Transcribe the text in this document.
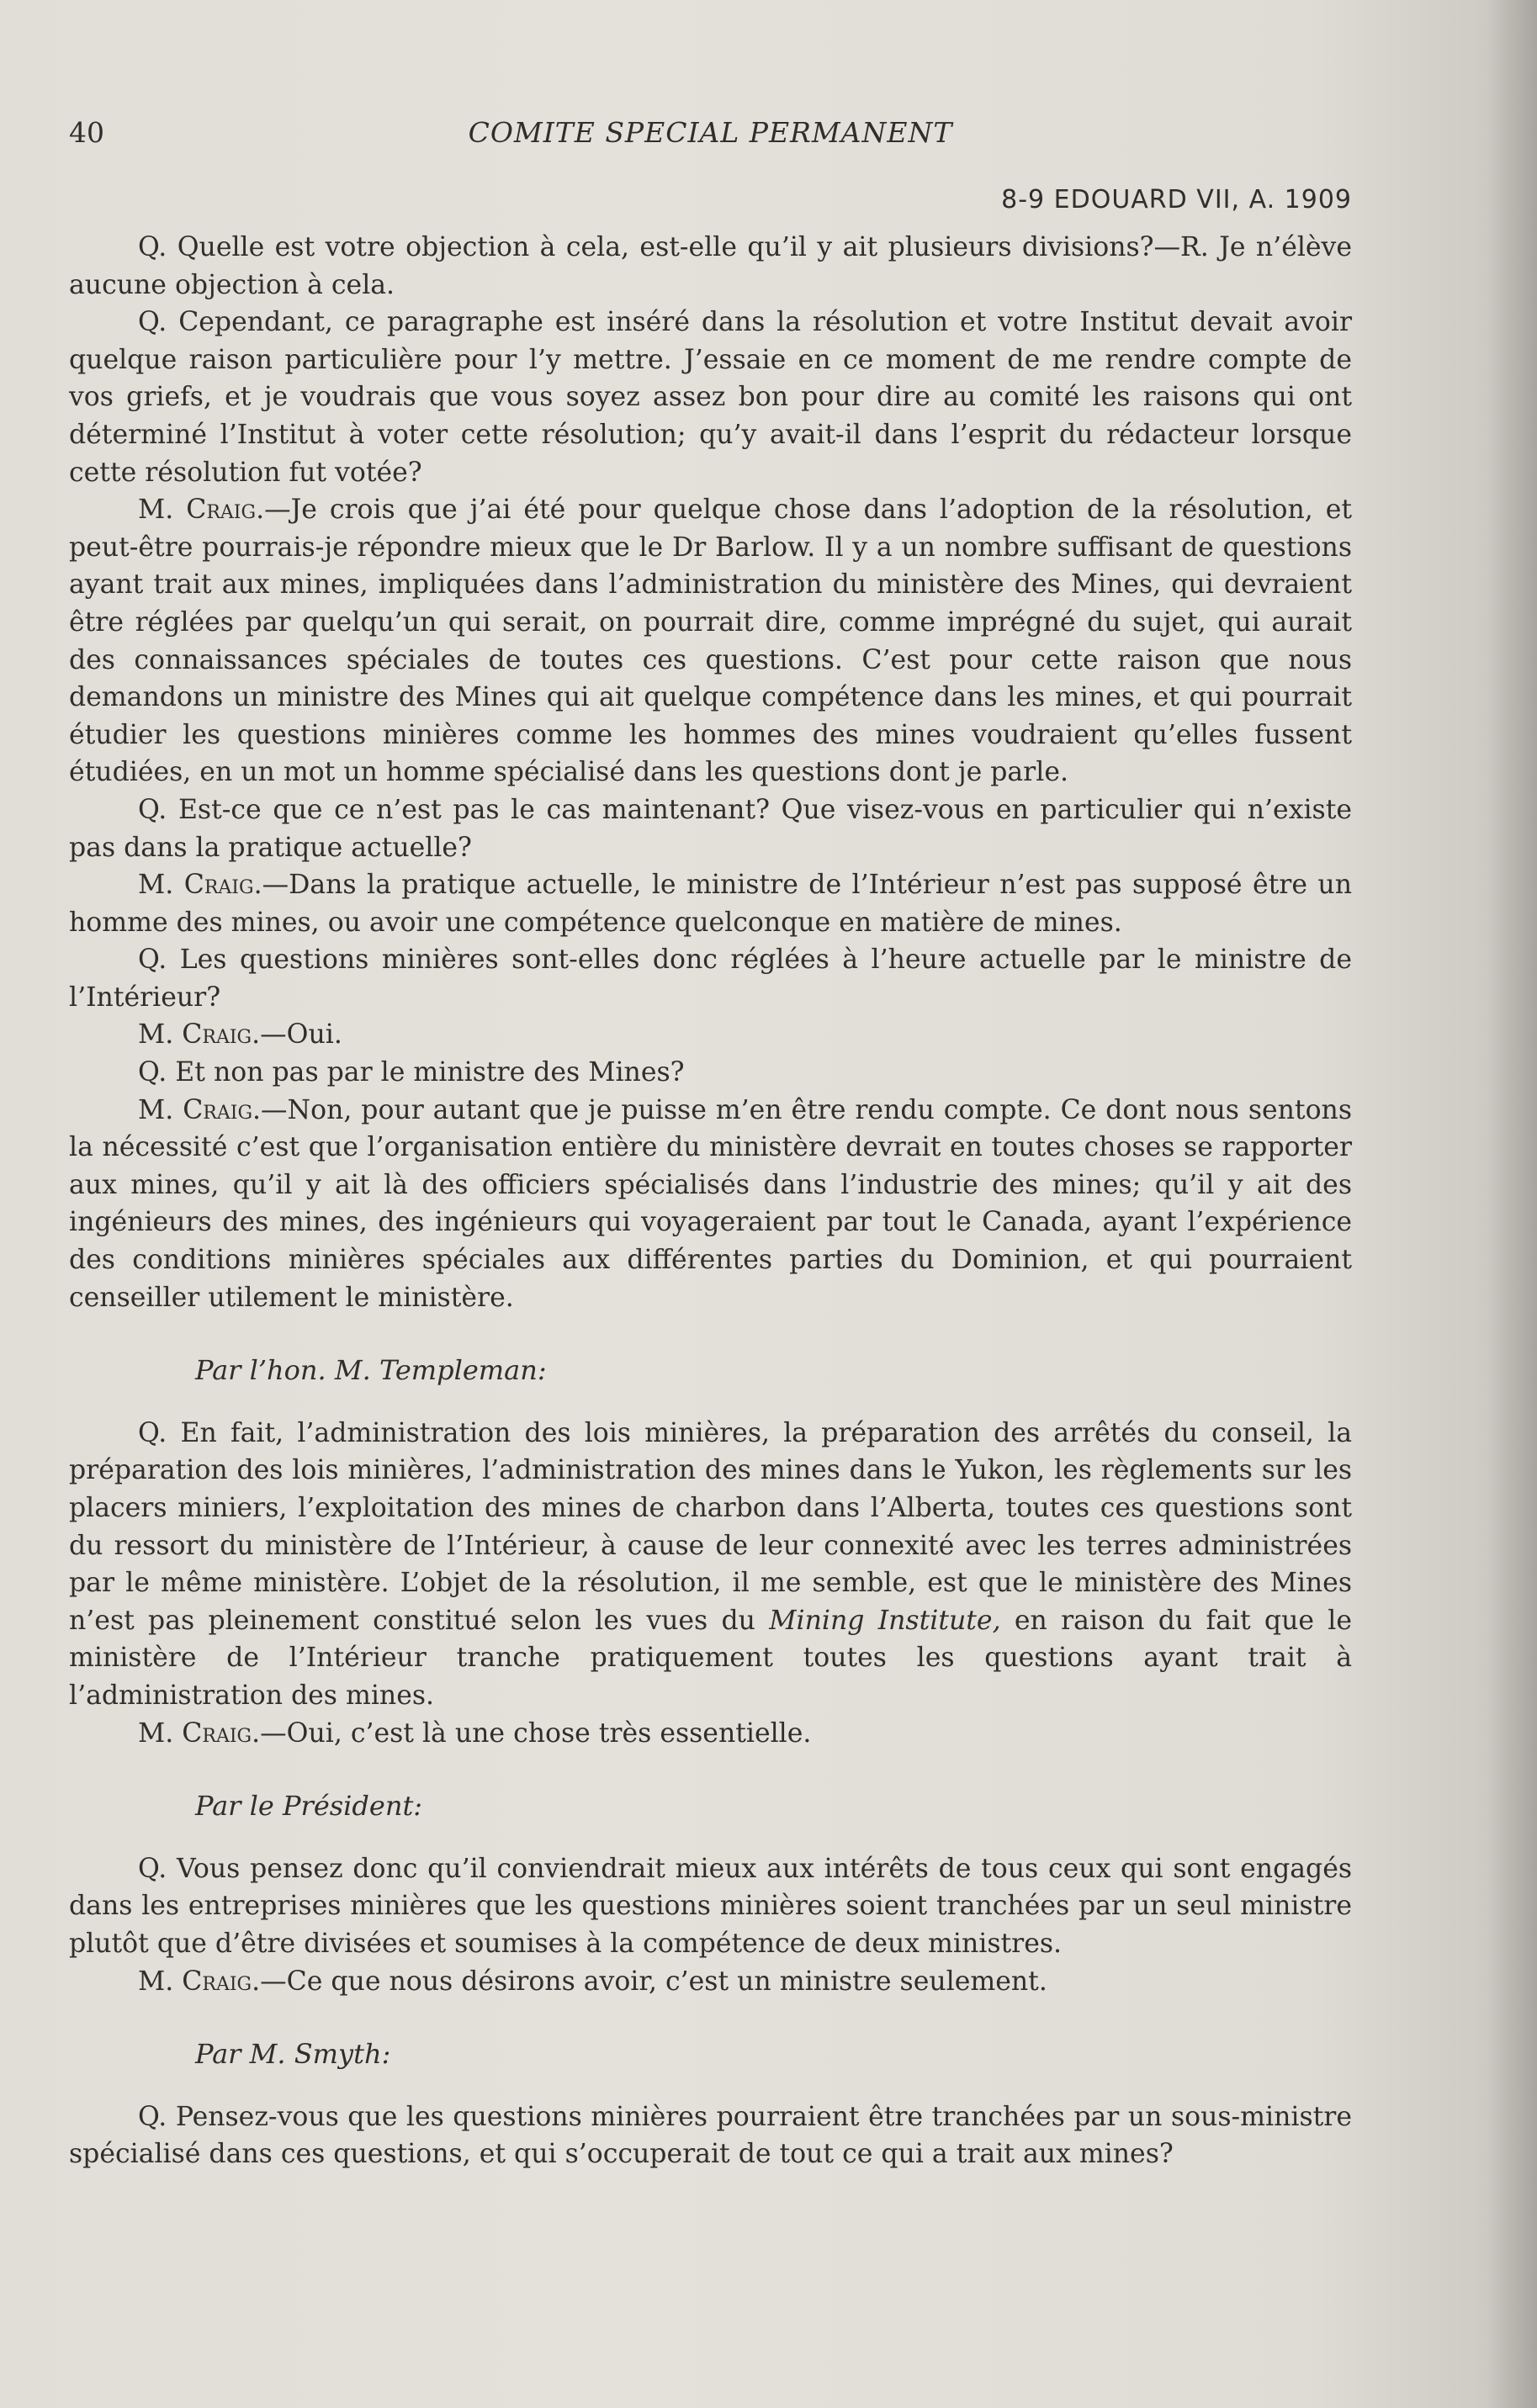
40	COMITE SPECIAL PERMANENT
8-9 EDOUARD VII, A. 1909

Q. Quelle est votre objection à cela, est-elle qu’il y ait plusieurs divisions?—R. Je n’élève aucune objection à cela.

Q. Cependant, ce paragraphe est inséré dans la résolution et votre Institut devait avoir quelque raison particulière pour l’y mettre. J’essaie en ce moment de me rendre compte de vos griefs, et je voudrais que vous soyez assez bon pour dire au comité les raisons qui ont déterminé l’Institut à voter cette résolution; qu’y avait-il dans l’esprit du rédacteur lorsque cette résolution fut votée?

M. Craig.—Je crois que j’ai été pour quelque chose dans l’adoption de la résolution, et peut-être pourrais-je répondre mieux que le Dr Barlow. Il y a un nombre suffisant de questions ayant trait aux mines, impliquées dans l’administration du ministère des Mines, qui devraient être réglées par quelqu’un qui serait, on pourrait dire, comme imprégné du sujet, qui aurait des connaissances spéciales de toutes ces questions. C’est pour cette raison que nous demandons un ministre des Mines qui ait quelque compétence dans les mines, et qui pourrait étudier les questions minières comme les hommes des mines voudraient qu’elles fussent étudiées, en un mot un homme spécialisé dans les questions dont je parle.

Q. Est-ce que ce n’est pas le cas maintenant? Que visez-vous en particulier qui n’existe pas dans la pratique actuelle?

M. Craig.—Dans la pratique actuelle, le ministre de l’Intérieur n’est pas supposé être un homme des mines, ou avoir une compétence quelconque en matière de mines.

Q. Les questions minières sont-elles donc réglées à l’heure actuelle par le ministre de l’Intérieur?

M. Craig.—Oui.

Q. Et non pas par le ministre des Mines?

M. Craig.—Non, pour autant que je puisse m’en être rendu compte. Ce dont nous sentons la nécessité c’est que l’organisation entière du ministère devrait en toutes choses se rapporter aux mines, qu’il y ait là des officiers spécialisés dans l’industrie des mines; qu’il y ait des ingénieurs des mines, des ingénieurs qui voyageraient par tout le Canada, ayant l’expérience des conditions minières spéciales aux différentes parties du Dominion, et qui pourraient censeiller utilement le ministère.

Par l’hon. M. Templeman:

Q. En fait, l’administration des lois minières, la préparation des arrêtés du conseil, la préparation des lois minières, l’administration des mines dans le Yukon, les règlements sur les placers miniers, l’exploitation des mines de charbon dans l’Alberta, toutes ces questions sont du ressort du ministère de l’Intérieur, à cause de leur connexité avec les terres administrées par le même ministère. L’objet de la résolution, il me semble, est que le ministère des Mines n’est pas pleinement constitué selon les vues du Mining Institute, en raison du fait que le ministère de l’Intérieur tranche pratiquement toutes les questions ayant trait à l’administration des mines.

M. Craig.—Oui, c’est là une chose très essentielle.

Par le Président:

Q. Vous pensez donc qu’il conviendrait mieux aux intérêts de tous ceux qui sont engagés dans les entreprises minières que les questions minières soient tranchées par un seul ministre plutôt que d’être divisées et soumises à la compétence de deux ministres.

M. Craig.—Ce que nous désirons avoir, c’est un ministre seulement.

Par M. Smyth:

Q. Pensez-vous que les questions minières pourraient être tranchées par un sous-ministre spécialisé dans ces questions, et qui s’occuperait de tout ce qui a trait aux mines?
